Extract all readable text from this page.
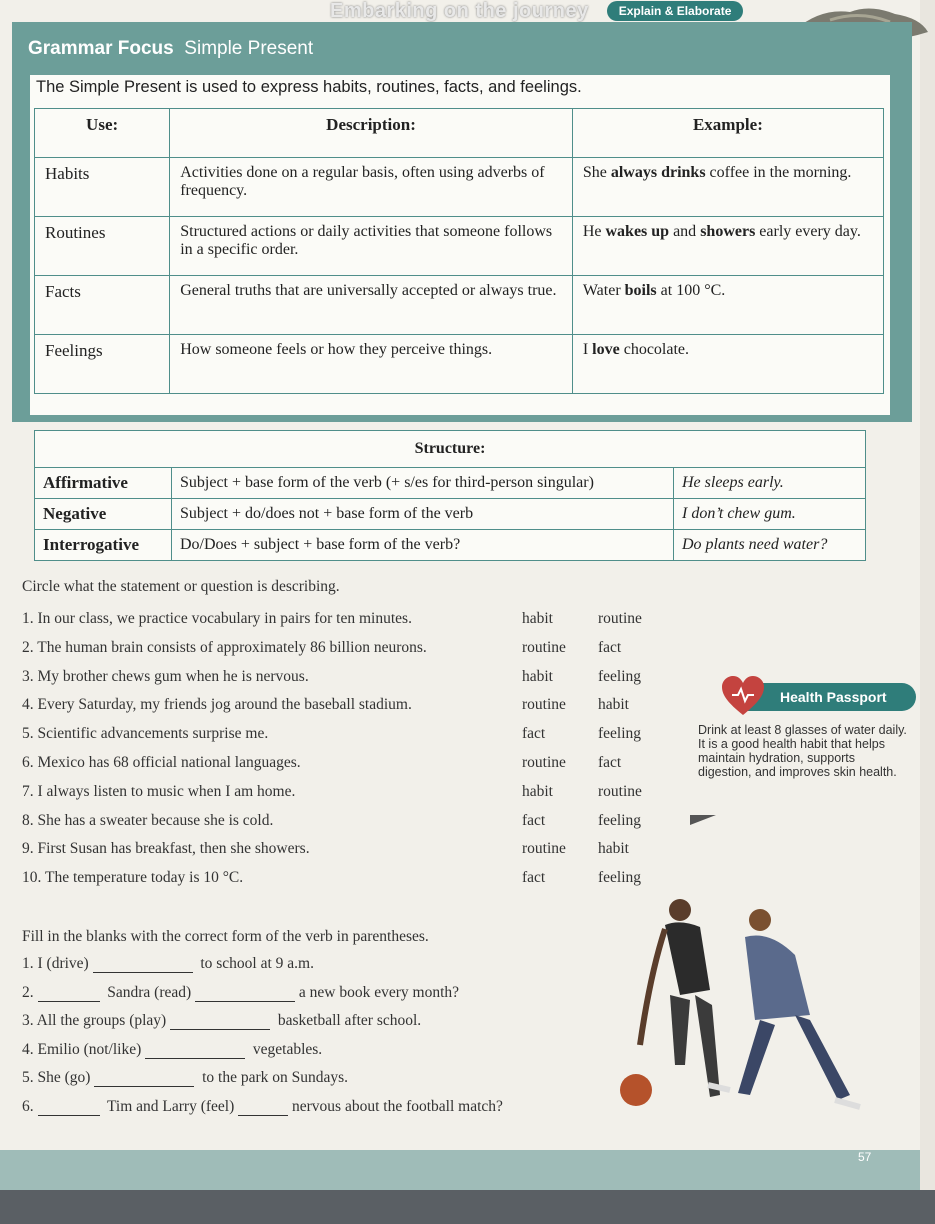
Embarking on the journey	Explain & Elaborate
Grammar Focus Simple Present
The Simple Present is used to express habits, routines, facts, and feelings.
Use:	Description:	Example:
Habits	Activities done on a regular basis, often using adverbs of frequency.	She always drinks coffee in the morning.
Routines	Structured actions or daily activities that someone follows in a specific order.	He wakes up and showers early every day.
Facts	General truths that are universally accepted or always true.	Water boils at 100 °C.
Feelings	How someone feels or how they perceive things.	I love chocolate.
Structure:		
Affirmative	Subject + base form of the verb (+ s/es for third-person singular)	He sleeps early.
Negative	Subject + do/does not + base form of the verb	I don’t chew gum.
Interrogative	Do/Does + subject + base form of the verb?	Do plants need water?
Circle what the statement or question is describing.
1. In our class, we practice vocabulary in pairs for ten minutes.	habit	routine
2. The human brain consists of approximately 86 billion neurons.	routine fact
3. My brother chews gum when he is nervous.	habit	feeling
4. Every Saturday, my friends jog around the baseball stadium.	routine habit
5. Scientific advancements surprise me.	fact	feeling
6. Mexico has 68 official national languages.	routine fact
7. I always listen to music when I am home.	habit	routine
8. She has a sweater because she is cold.	fact	feeling
9. First Susan has breakfast, then she showers.	routine habit
10. The temperature today is 10 °C.	fact	feeling
Health Passport
Drink at least 8 glasses of water daily. It is a good health habit that helps maintain hydration, supports digestion, and improves skin health.
Fill in the blanks with the correct form of the verb in parentheses.
1. I (drive)	to school at 9 a.m.
2.	Sandra (read)	a new book every month?
3. All the groups (play)	basketball after school.
4. Emilio (not/like)	vegetables.
5. She (go)	to the park on Sundays.
6.	Tim and Larry (feel)	nervous about the football match?
57
